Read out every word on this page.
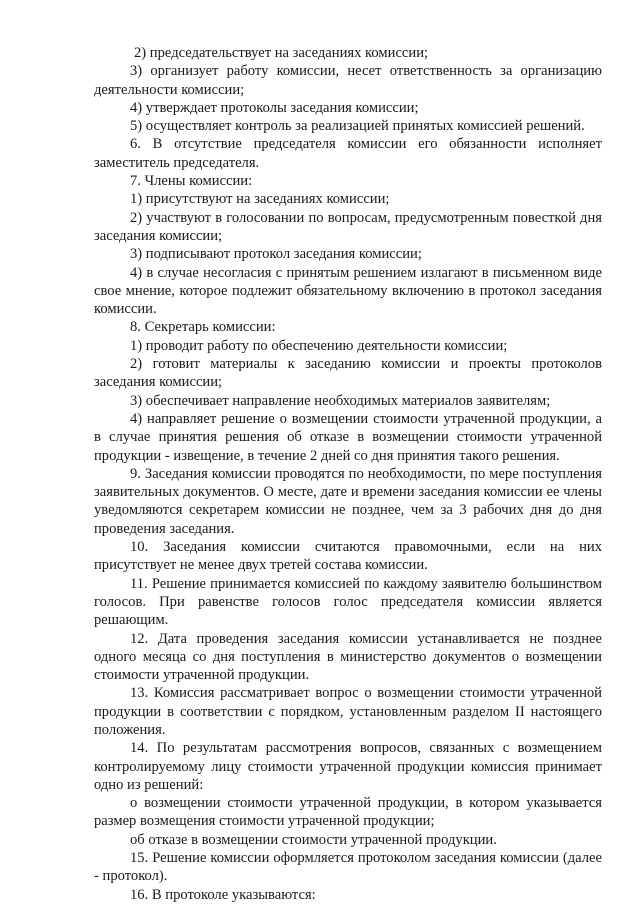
2) председательствует на заседаниях комиссии;

3) организует работу комиссии, несет ответственность за организацию деятельности комиссии;

4) утверждает протоколы заседания комиссии;

5) осуществляет контроль за реализацией принятых комиссией решений.

6. В отсутствие председателя комиссии его обязанности исполняет заместитель председателя.

7. Члены комиссии:

1) присутствуют на заседаниях комиссии;

2) участвуют в голосовании по вопросам, предусмотренным повесткой дня заседания комиссии;

3) подписывают протокол заседания комиссии;

4) в случае несогласия с принятым решением излагают в письменном виде свое мнение, которое подлежит обязательному включению в протокол заседания комиссии.

8. Секретарь комиссии:

1) проводит работу по обеспечению деятельности комиссии;

2) готовит материалы к заседанию комиссии и проекты протоколов заседания комиссии;

3) обеспечивает направление необходимых материалов заявителям;

4) направляет решение о возмещении стоимости утраченной продукции, а в случае принятия решения об отказе в возмещении стоимости утраченной продукции - извещение, в течение 2 дней со дня принятия такого решения.

9. Заседания комиссии проводятся по необходимости, по мере поступления заявительных документов. О месте, дате и времени заседания комиссии ее члены уведомляются секретарем комиссии не позднее, чем за 3 рабочих дня до дня проведения заседания.

10. Заседания комиссии считаются правомочными, если на них присутствует не менее двух третей состава комиссии.

11. Решение принимается комиссией по каждому заявителю большинством голосов. При равенстве голосов голос председателя комиссии является решающим.

12. Дата проведения заседания комиссии устанавливается не позднее одного месяца со дня поступления в министерство документов о возмещении стоимости утраченной продукции.

13. Комиссия рассматривает вопрос о возмещении стоимости утраченной продукции в соответствии с порядком, установленным разделом II настоящего положения.

14. По результатам рассмотрения вопросов, связанных с возмещением контролируемому лицу стоимости утраченной продукции комиссия принимает одно из решений:

о возмещении стоимости утраченной продукции, в котором указывается размер возмещения стоимости утраченной продукции;

об отказе в возмещении стоимости утраченной продукции.

15. Решение комиссии оформляется протоколом заседания комиссии (далее - протокол).

16. В протоколе указываются:
